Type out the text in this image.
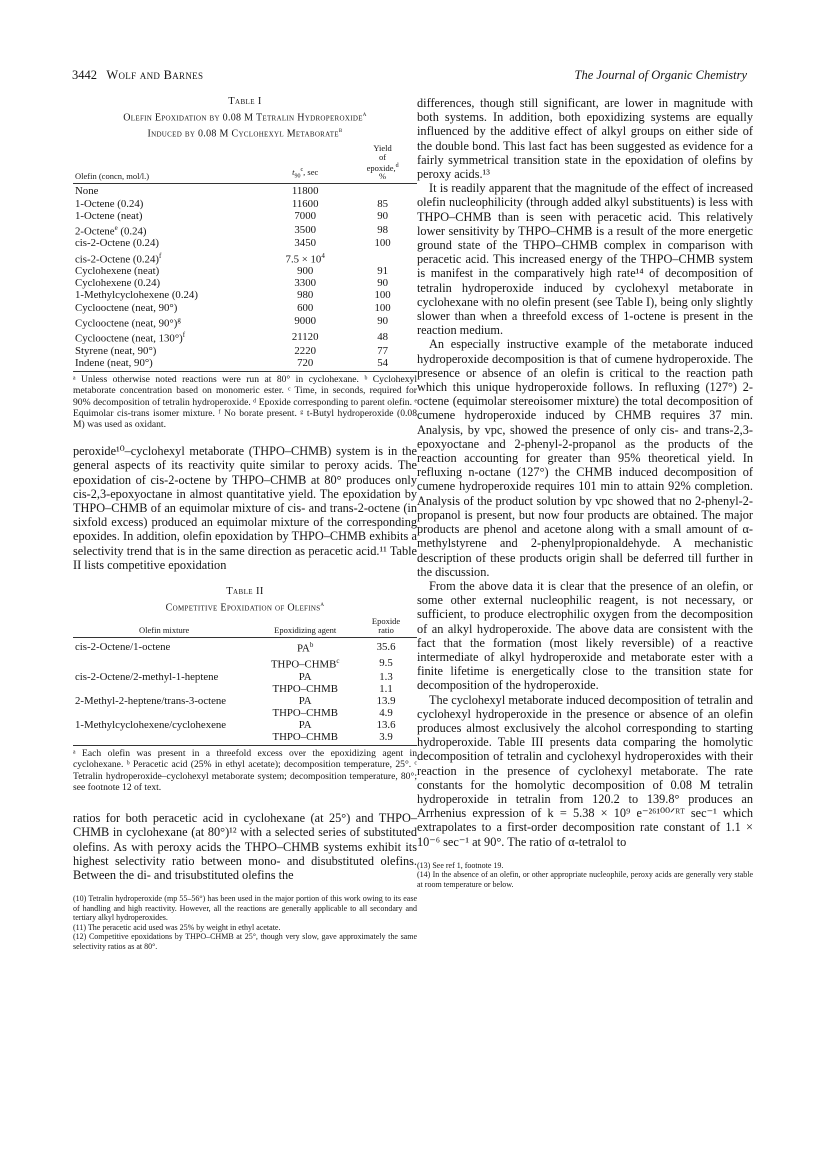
3442 Wolf and Barnes	The Journal of Organic Chemistry
Table I
Olefin Epoxidation by 0.08 M Tetralin Hydroperoxide$^a$
Induced by 0.08 M Cyclohexyl Metaborate$^b$
Olefin (concn, mol/l.)	$t_{90}^c$, sec	Yield
of
epoxide,$^d$
%
None	11800	
1-Octene (0.24)	11600	85
1-Octene (neat)	7000	90
2-Octene$^e$ (0.24)	3500	98
cis-2-Octene (0.24)	3450	100
cis-2-Octene $(0.24)^f$	$7.5 \times 10^4$	
Cyclohexene (neat)	900	91
Cyclohexene (0.24)	3300	90
1-Methylcyclohexene (0.24)	980	100
Cyclooctene (neat, 90°)	600	100
Cyclooctene (neat, 90°)$^g$	9000	90
Cyclooctene (neat, 130°)$^f$	21120	48
Styrene (neat, 90°)	2220	77
Indene (neat, 90°)	720	54
ᵃ Unless otherwise noted reactions were run at 80° in cyclohexane. ᵇ Cyclohexyl metaborate concentration based on monomeric ester. ᶜ Time, in seconds, required for 90% decomposition of tetralin hydroperoxide. ᵈ Epoxide corresponding to parent olefin. ᵉ Equimolar cis-trans isomer mixture. ᶠ No borate present. ᵍ t-Butyl hydroperoxide (0.08 M) was used as oxidant.

peroxide¹⁰–cyclohexyl metaborate (THPO–CHMB) system is in the general aspects of its reactivity quite similar to peroxy acids. The epoxidation of cis-2-octene by THPO–CHMB at 80° produces only cis-2,3-epoxyoctane in almost quantitative yield. The epoxidation by THPO–CHMB of an equimolar mixture of cis- and trans-2-octene (in sixfold excess) produced an equimolar mixture of the corresponding epoxides. In addition, olefin epoxidation by THPO–CHMB exhibits a selectivity trend that is in the same direction as peracetic acid.¹¹ Table II lists competitive epoxidation

Table II
Competitive Epoxidation of Olefins$^a$
Olefin mixture	Epoxidizing agent	Epoxide
ratio
cis-2-Octene/1-octene	$PA^b$	35.6
	THPO–CHMB$^c$	9.5
cis-2-Octene/2-methyl-1-heptene	PA	1.3
	THPO–CHMB	1.1
2-Methyl-2-heptene/trans-3-octene	PA	13.9
	THPO–CHMB	4.9
1-Methylcyclohexene/cyclohexene	PA	13.6
	THPO–CHMB	3.9
ᵃ Each olefin was present in a threefold excess over the epoxidizing agent in cyclohexane. ᵇ Peracetic acid (25% in ethyl acetate); decomposition temperature, 25°. ᶜ Tetralin hydroperoxide–cyclohexyl metaborate system; decomposition temperature, 80°; see footnote 12 of text.

ratios for both peracetic acid in cyclohexane (at 25°) and THPO–CHMB in cyclohexane (at 80°)¹² with a selected series of substituted olefins. As with peroxy acids the THPO–CHMB systems exhibit its highest selectivity ratio between mono- and disubstituted olefins. Between the di- and trisubstituted olefins the

(10) Tetralin hydroperoxide (mp 55–56°) has been used in the major portion of this work owing to its ease of handling and high reactivity. However, all the reactions are generally applicable to all secondary and tertiary alkyl hydroperoxides.
(11) The peracetic acid used was 25% by weight in ethyl acetate.
(12) Competitive epoxidations by THPO–CHMB at 25°, though very slow, gave approximately the same selectivity ratios as at 80°.

differences, though still significant, are lower in magnitude with both systems. In addition, both epoxidizing systems are equally influenced by the additive effect of alkyl groups on either side of the double bond. This last fact has been suggested as evidence for a fairly symmetrical transition state in the epoxidation of olefins by peroxy acids.¹³

It is readily apparent that the magnitude of the effect of increased olefin nucleophilicity (through added alkyl substituents) is less with THPO–CHMB than is seen with peracetic acid. This relatively lower sensitivity by THPO–CHMB is a result of the more energetic ground state of the THPO–CHMB complex in comparison with peracetic acid. This increased energy of the THPO–CHMB system is manifest in the comparatively high rate¹⁴ of decomposition of tetralin hydroperoxide induced by cyclohexyl metaborate in cyclohexane with no olefin present (see Table I), being only slightly slower than when a threefold excess of 1-octene is present in the reaction medium.

An especially instructive example of the metaborate induced hydroperoxide decomposition is that of cumene hydroperoxide. The presence or absence of an olefin is critical to the reaction path which this unique hydroperoxide follows. In refluxing (127°) 2-octene (equimolar stereoisomer mixture) the total decomposition of cumene hydroperoxide induced by CHMB requires 37 min. Analysis, by vpc, showed the presence of only cis- and trans-2,3-epoxyoctane and 2-phenyl-2-propanol as the products of the reaction accounting for greater than 95% theoretical yield. In refluxing n-octane (127°) the CHMB induced decomposition of cumene hydroperoxide requires 101 min to attain 92% completion. Analysis of the product solution by vpc showed that no 2-phenyl-2-propanol is present, but now four products are obtained. The major products are phenol and acetone along with a small amount of α-methylstyrene and 2-phenylpropionaldehyde. A mechanistic description of these products origin shall be deferred till further in the discussion.

From the above data it is clear that the presence of an olefin, or some other external nucleophilic reagent, is not necessary, or sufficient, to produce electrophilic oxygen from the decomposition of an alkyl hydroperoxide. The above data are consistent with the fact that the formation (most likely reversible) of a reactive intermediate of alkyl hydroperoxide and metaborate ester with a finite lifetime is energetically close to the transition state for decomposition of the hydroperoxide.

The cyclohexyl metaborate induced decomposition of tetralin and cyclohexyl hydroperoxide in the presence or absence of an olefin produces almost exclusively the alcohol corresponding to starting hydroperoxide. Table III presents data comparing the homolytic decomposition of tetralin and cyclohexyl hydroperoxides with their reaction in the presence of cyclohexyl metaborate. The rate constants for the homolytic decomposition of 0.08 M tetralin hydroperoxide in tetralin from 120.2 to 139.8° produces an Arrhenius expression of k = 5.38 × 10⁹ e⁻²⁶¹⁰⁰ᐟᴿᵀ sec⁻¹ which extrapolates to a first-order decomposition rate constant of 1.1 × 10⁻⁶ sec⁻¹ at 90°. The ratio of α-tetralol to

(13) See ref 1, footnote 19.
(14) In the absence of an olefin, or other appropriate nucleophile, peroxy acids are generally very stable at room temperature or below.
